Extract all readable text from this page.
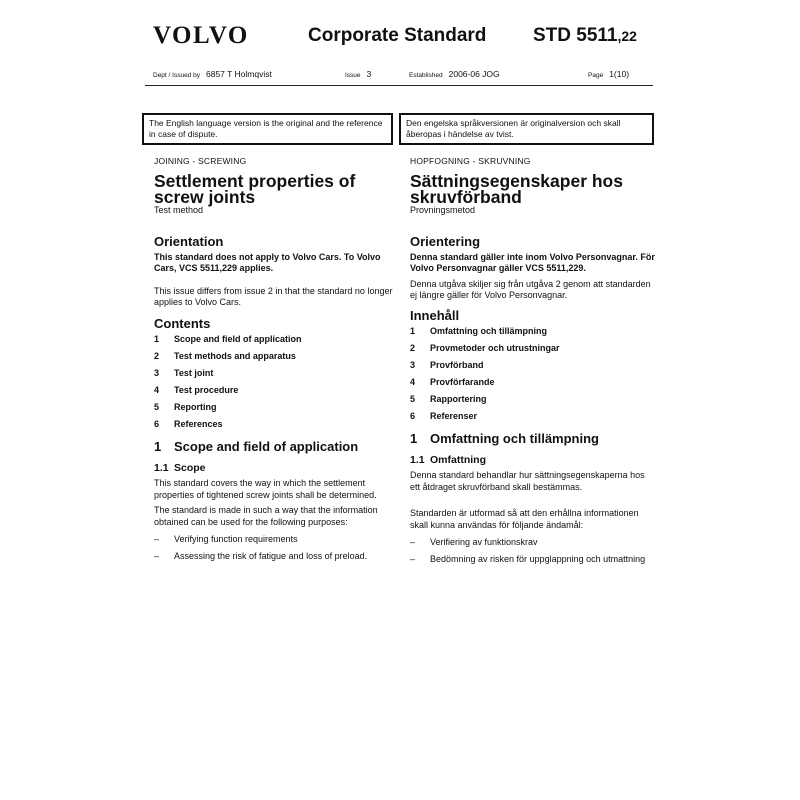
VOLVO	Corporate Standard STD 5511,22
Dept / Issued by 6857 T Holmqvist	Issue 3	Established 2006-06 JOG	Page 1(10)
The English language version is the original and the reference in case of dispute.
Den engelska språkversionen är originalversion och skall åberopas i händelse av tvist.
JOINING - SCREWING
Settlement properties of screw joints
Test method
Orientation

This standard does not apply to Volvo Cars. To Volvo Cars, VCS 5511,229 applies.

This issue differs from issue 2 in that the standard no longer applies to Volvo Cars.

Contents
1	Scope and field of application
2	Test methods and apparatus
3	Test joint
4	Test procedure
5	Reporting
6	References
1 Scope and field of application
1.1 Scope

This standard covers the way in which the settlement properties of tightened screw joints shall be determined.

The standard is made in such a way that the information obtained can be used for the following purposes:

–	Verifying function requirements
–	Assessing the risk of fatigue and loss of preload.
HOPFOGNING - SKRUVNING
Sättningsegenskaper hos skruvförband
Provningsmetod
Orientering

Denna standard gäller inte inom Volvo Personvagnar. För Volvo Personvagnar gäller VCS 5511,229.

Denna utgåva skiljer sig från utgåva 2 genom att standarden ej längre gäller för Volvo Personvagnar.

Innehåll
1	Omfattning och tillämpning
2	Provmetoder och utrustningar
3	Provförband
4	Provförfarande
5	Rapportering
6	Referenser
1 Omfattning och tillämpning
1.1 Omfattning

Denna standard behandlar hur sättningsegenskaperna hos ett åtdraget skruvförband skall bestämmas.

Standarden är utformad så att den erhållna informationen skall kunna användas för följande ändamål:

–	Verifiering av funktionskrav
–	Bedömning av risken för uppglappning och utmattning
